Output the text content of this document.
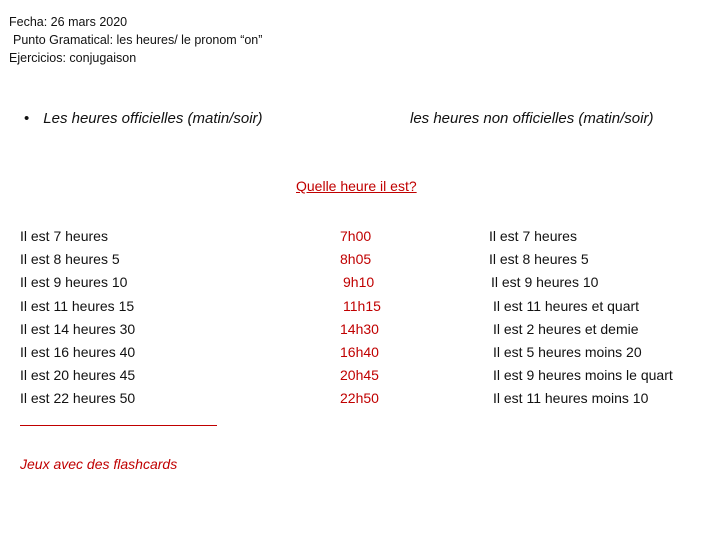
Fecha: 26 mars 2020
Punto Gramatical: les heures/ le pronom “on”
Ejercicios: conjugaison
• Les heures officielles (matin/soir)	les heures non officielles (matin/soir)
Quelle heure il est?
Il est 7 heures
Il est 8 heures 5
Il est 9 heures 10
Il est 11 heures 15
Il est 14 heures 30
Il est 16 heures 40
Il est 20 heures 45
Il est 22 heures 50
7h00
8h05
9h10
11h15
14h30
16h40
20h45
22h50
Il est 7 heures
Il est 8 heures 5
Il est 9 heures 10
Il est 11 heures et quart
Il est 2 heures et demie
Il est 5 heures moins 20
Il est 9 heures moins le quart
Il est 11 heures moins 10
Jeux avec des flashcards
